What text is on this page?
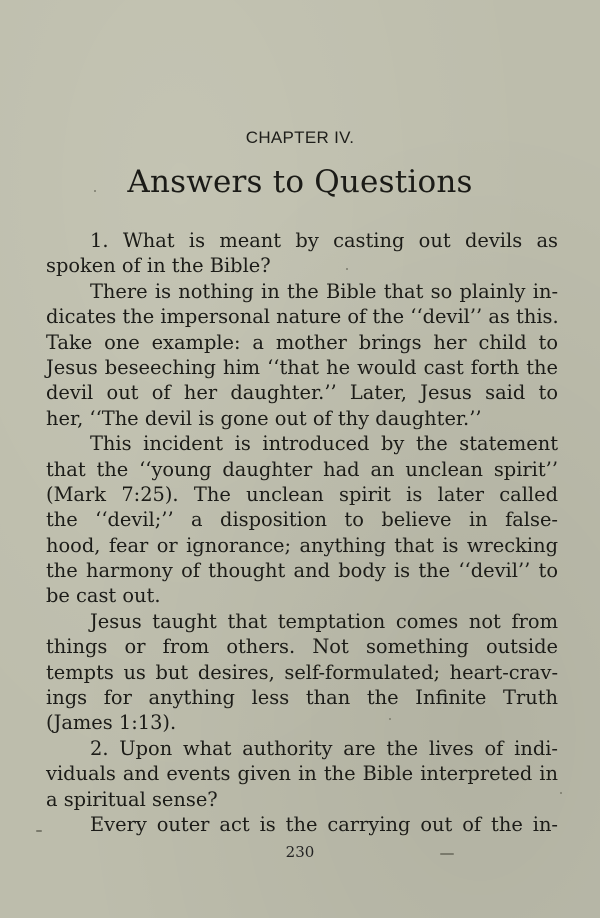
CHAPTER IV.
Answers to Questions
1. What is meant by casting out devils as
spoken of in the Bible?
There is nothing in the Bible that so plainly in-
dicates the impersonal nature of the ‘‘devil’’ as this.
Take one example: a mother brings her child to
Jesus beseeching him ‘‘that he would cast forth the
devil out of her daughter.’’ Later, Jesus said to
her, ‘‘The devil is gone out of thy daughter.’’
This incident is introduced by the statement
that the ‘‘young daughter had an unclean spirit’’
(Mark 7:25). The unclean spirit is later called
the ‘‘devil;’’ a disposition to believe in false-
hood, fear or ignorance; anything that is wrecking
the harmony of thought and body is the ‘‘devil’’ to
be cast out.
Jesus taught that temptation comes not from
things or from others. Not something outside
tempts us but desires, self-formulated; heart-crav-
ings for anything less than the Infinite Truth
(James 1:13).
2. Upon what authority are the lives of indi-
viduals and events given in the Bible interpreted in
a spiritual sense?
Every outer act is the carrying out of the in-
230
